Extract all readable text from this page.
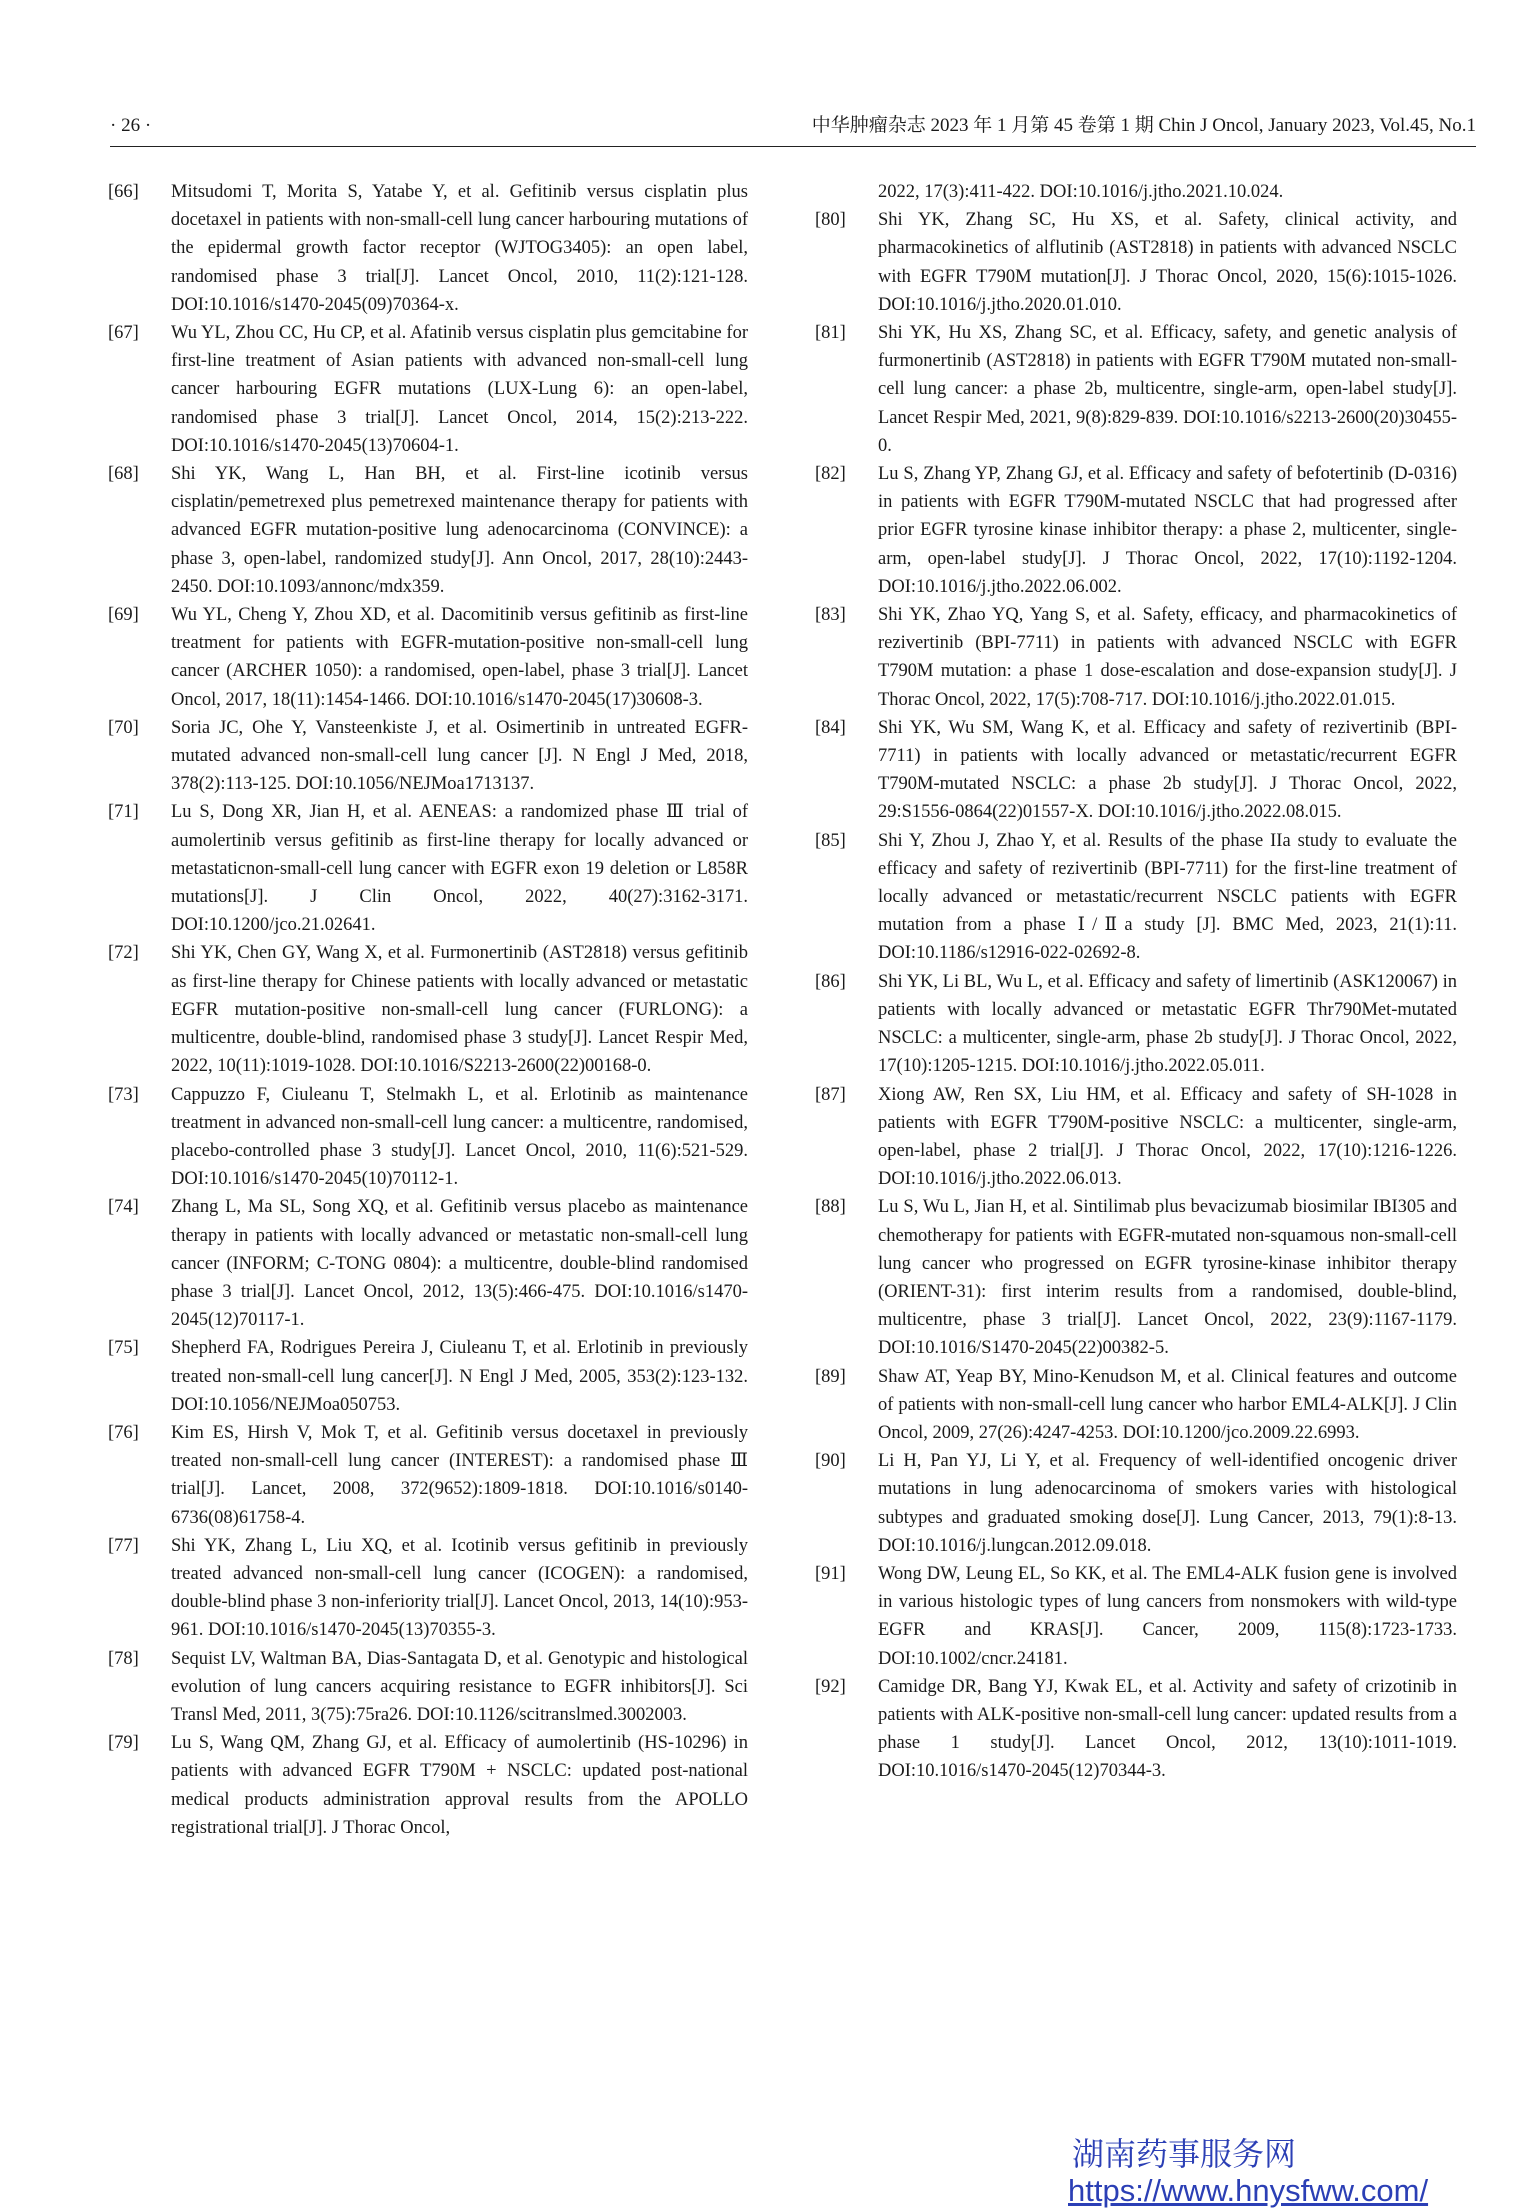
· 26 ·	中华肿瘤杂志 2023 年 1 月第 45 卷第 1 期 Chin J Oncol, January 2023, Vol.45, No.1
[66] Mitsudomi T, Morita S, Yatabe Y, et al. Gefitinib versus cisplatin plus docetaxel in patients with non-small-cell lung cancer harbouring mutations of the epidermal growth factor receptor (WJTOG3405): an open label, randomised phase 3 trial[J]. Lancet Oncol, 2010, 11(2):121-128. DOI:10.1016/s1470-2045(09)70364-x.
[67] Wu YL, Zhou CC, Hu CP, et al. Afatinib versus cisplatin plus gemcitabine for first-line treatment of Asian patients with advanced non-small-cell lung cancer harbouring EGFR mutations (LUX-Lung 6): an open-label, randomised phase 3 trial[J]. Lancet Oncol, 2014, 15(2):213-222. DOI:10.1016/s1470-2045(13)70604-1.
[68] Shi YK, Wang L, Han BH, et al. First-line icotinib versus cisplatin/pemetrexed plus pemetrexed maintenance therapy for patients with advanced EGFR mutation-positive lung adenocarcinoma (CONVINCE): a phase 3, open-label, randomized study[J]. Ann Oncol, 2017, 28(10):2443-2450. DOI:10.1093/annonc/mdx359.
[69] Wu YL, Cheng Y, Zhou XD, et al. Dacomitinib versus gefitinib as first-line treatment for patients with EGFR-mutation-positive non-small-cell lung cancer (ARCHER 1050): a randomised, open-label, phase 3 trial[J]. Lancet Oncol, 2017, 18(11):1454-1466. DOI:10.1016/s1470-2045(17)30608-3.
[70] Soria JC, Ohe Y, Vansteenkiste J, et al. Osimertinib in untreated EGFR-mutated advanced non-small-cell lung cancer [J]. N Engl J Med, 2018, 378(2):113-125. DOI:10.1056/NEJMoa1713137.
[71] Lu S, Dong XR, Jian H, et al. AENEAS: a randomized phase Ⅲ trial of aumolertinib versus gefitinib as first-line therapy for locally advanced or metastaticnon-small-cell lung cancer with EGFR exon 19 deletion or L858R mutations[J]. J Clin Oncol, 2022, 40(27):3162-3171. DOI:10.1200/jco.21.02641.
[72] Shi YK, Chen GY, Wang X, et al. Furmonertinib (AST2818) versus gefitinib as first-line therapy for Chinese patients with locally advanced or metastatic EGFR mutation-positive non-small-cell lung cancer (FURLONG): a multicentre, double-blind, randomised phase 3 study[J]. Lancet Respir Med, 2022, 10(11):1019-1028. DOI:10.1016/S2213-2600(22)00168-0.
[73] Cappuzzo F, Ciuleanu T, Stelmakh L, et al. Erlotinib as maintenance treatment in advanced non-small-cell lung cancer: a multicentre, randomised, placebo-controlled phase 3 study[J]. Lancet Oncol, 2010, 11(6):521-529. DOI:10.1016/s1470-2045(10)70112-1.
[74] Zhang L, Ma SL, Song XQ, et al. Gefitinib versus placebo as maintenance therapy in patients with locally advanced or metastatic non-small-cell lung cancer (INFORM; C-TONG 0804): a multicentre, double-blind randomised phase 3 trial[J]. Lancet Oncol, 2012, 13(5):466-475. DOI:10.1016/s1470-2045(12)70117-1.
[75] Shepherd FA, Rodrigues Pereira J, Ciuleanu T, et al. Erlotinib in previously treated non-small-cell lung cancer[J]. N Engl J Med, 2005, 353(2):123-132. DOI:10.1056/NEJMoa050753.
[76] Kim ES, Hirsh V, Mok T, et al. Gefitinib versus docetaxel in previously treated non-small-cell lung cancer (INTEREST): a randomised phase Ⅲ trial[J]. Lancet, 2008, 372(9652):1809-1818. DOI:10.1016/s0140-6736(08)61758-4.
[77] Shi YK, Zhang L, Liu XQ, et al. Icotinib versus gefitinib in previously treated advanced non-small-cell lung cancer (ICOGEN): a randomised, double-blind phase 3 non-inferiority trial[J]. Lancet Oncol, 2013, 14(10):953-961. DOI:10.1016/s1470-2045(13)70355-3.
[78] Sequist LV, Waltman BA, Dias-Santagata D, et al. Genotypic and histological evolution of lung cancers acquiring resistance to EGFR inhibitors[J]. Sci Transl Med, 2011, 3(75):75ra26. DOI:10.1126/scitranslmed.3002003.
[79] Lu S, Wang QM, Zhang GJ, et al. Efficacy of aumolertinib (HS-10296) in patients with advanced EGFR T790M + NSCLC: updated post-national medical products administration approval results from the APOLLO registrational trial[J]. J Thorac Oncol,
2022, 17(3):411-422. DOI:10.1016/j.jtho.2021.10.024.
[80] Shi YK, Zhang SC, Hu XS, et al. Safety, clinical activity, and pharmacokinetics of alflutinib (AST2818) in patients with advanced NSCLC with EGFR T790M mutation[J]. J Thorac Oncol, 2020, 15(6):1015-1026. DOI:10.1016/j.jtho.2020.01.010.
[81] Shi YK, Hu XS, Zhang SC, et al. Efficacy, safety, and genetic analysis of furmonertinib (AST2818) in patients with EGFR T790M mutated non-small-cell lung cancer: a phase 2b, multicentre, single-arm, open-label study[J]. Lancet Respir Med, 2021, 9(8):829-839. DOI:10.1016/s2213-2600(20)30455-0.
[82] Lu S, Zhang YP, Zhang GJ, et al. Efficacy and safety of befotertinib (D-0316) in patients with EGFR T790M-mutated NSCLC that had progressed after prior EGFR tyrosine kinase inhibitor therapy: a phase 2, multicenter, single-arm, open-label study[J]. J Thorac Oncol, 2022, 17(10):1192-1204. DOI:10.1016/j.jtho.2022.06.002.
[83] Shi YK, Zhao YQ, Yang S, et al. Safety, efficacy, and pharmacokinetics of rezivertinib (BPI-7711) in patients with advanced NSCLC with EGFR T790M mutation: a phase 1 dose-escalation and dose-expansion study[J]. J Thorac Oncol, 2022, 17(5):708-717. DOI:10.1016/j.jtho.2022.01.015.
[84] Shi YK, Wu SM, Wang K, et al. Efficacy and safety of rezivertinib (BPI-7711) in patients with locally advanced or metastatic/recurrent EGFR T790M-mutated NSCLC: a phase 2b study[J]. J Thorac Oncol, 2022, 29:S1556-0864(22)01557-X. DOI:10.1016/j.jtho.2022.08.015.
[85] Shi Y, Zhou J, Zhao Y, et al. Results of the phase IIa study to evaluate the efficacy and safety of rezivertinib (BPI-7711) for the first-line treatment of locally advanced or metastatic/recurrent NSCLC patients with EGFR mutation from a phase Ⅰ/Ⅱa study [J]. BMC Med, 2023, 21(1):11. DOI:10.1186/s12916-022-02692-8.
[86] Shi YK, Li BL, Wu L, et al. Efficacy and safety of limertinib (ASK120067) in patients with locally advanced or metastatic EGFR Thr790Met-mutated NSCLC: a multicenter, single-arm, phase 2b study[J]. J Thorac Oncol, 2022, 17(10):1205-1215. DOI:10.1016/j.jtho.2022.05.011.
[87] Xiong AW, Ren SX, Liu HM, et al. Efficacy and safety of SH-1028 in patients with EGFR T790M-positive NSCLC: a multicenter, single-arm, open-label, phase 2 trial[J]. J Thorac Oncol, 2022, 17(10):1216-1226. DOI:10.1016/j.jtho.2022.06.013.
[88] Lu S, Wu L, Jian H, et al. Sintilimab plus bevacizumab biosimilar IBI305 and chemotherapy for patients with EGFR-mutated non-squamous non-small-cell lung cancer who progressed on EGFR tyrosine-kinase inhibitor therapy (ORIENT-31): first interim results from a randomised, double-blind, multicentre, phase 3 trial[J]. Lancet Oncol, 2022, 23(9):1167-1179. DOI:10.1016/S1470-2045(22)00382-5.
[89] Shaw AT, Yeap BY, Mino-Kenudson M, et al. Clinical features and outcome of patients with non-small-cell lung cancer who harbor EML4-ALK[J]. J Clin Oncol, 2009, 27(26):4247-4253. DOI:10.1200/jco.2009.22.6993.
[90] Li H, Pan YJ, Li Y, et al. Frequency of well-identified oncogenic driver mutations in lung adenocarcinoma of smokers varies with histological subtypes and graduated smoking dose[J]. Lung Cancer, 2013, 79(1):8-13. DOI:10.1016/j.lungcan.2012.09.018.
[91] Wong DW, Leung EL, So KK, et al. The EML4-ALK fusion gene is involved in various histologic types of lung cancers from nonsmokers with wild-type EGFR and KRAS[J]. Cancer, 2009, 115(8):1723-1733. DOI:10.1002/cncr.24181.
[92] Camidge DR, Bang YJ, Kwak EL, et al. Activity and safety of crizotinib in patients with ALK-positive non-small-cell lung cancer: updated results from a phase 1 study[J]. Lancet Oncol, 2012, 13(10):1011-1019. DOI:10.1016/s1470-2045(12)70344-3.
湖南药事服务网
https://www.hnysfww.com/
